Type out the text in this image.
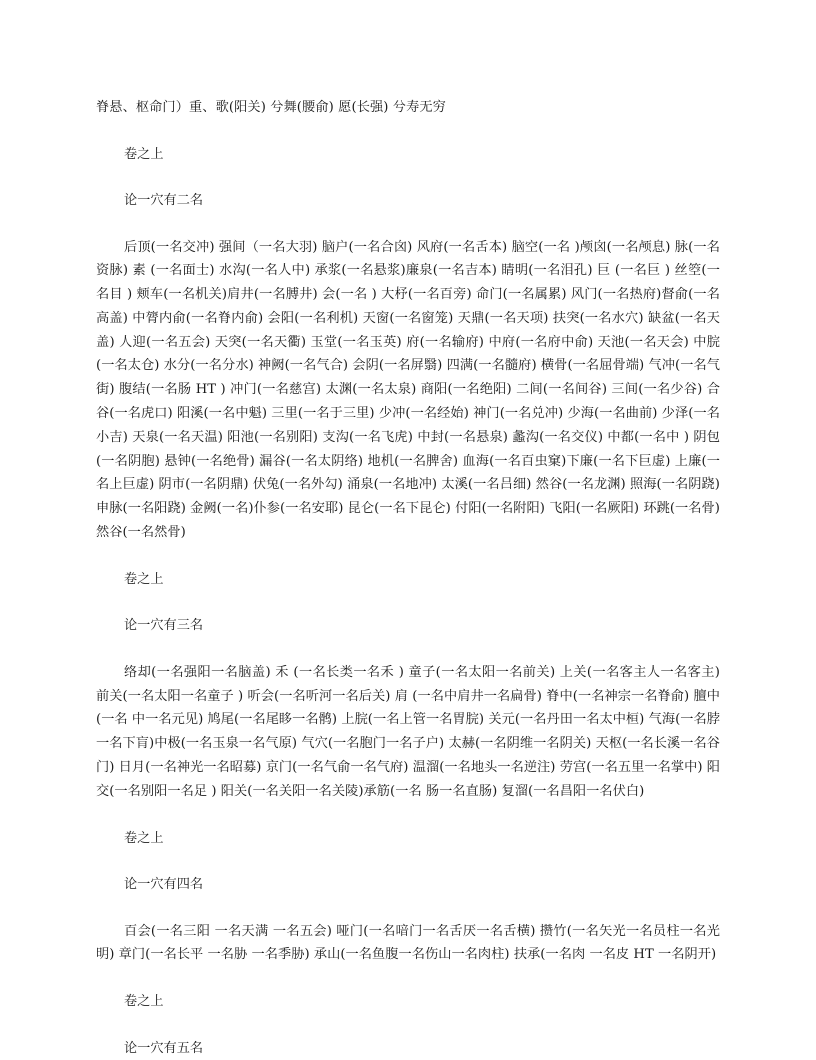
脊悬、枢命门）重、歌(阳关) 兮舞(腰俞) 愿(长强) 兮寿无穷

卷之上

论一穴有二名

后顶(一名交冲) 强间（一名大羽) 脑户(一名合囟) 风府(一名舌本) 脑空(一名 )颅囟(一名颅息) 脉(一名资脉) 素 (一名面士) 水沟(一名人中) 承浆(一名悬浆)廉泉(一名吉本) 睛明(一名泪孔) 巨 (一名巨 ) 丝箜(一名目 ) 颊车(一名机关)肩井(一名膊井) 会(一名 ) 大杼(一名百旁) 命门(一名属累) 风门(一名热府)督俞(一名高盖) 中膂内俞(一名脊内俞) 会阳(一名利机) 天窗(一名窗笼) 天鼎(一名天项) 扶突(一名水穴) 缺盆(一名天盖) 人迎(一名五会) 天突(一名天衢) 玉堂(一名玉英) 府(一名输府) 中府(一名府中俞) 天池(一名天会) 中脘(一名太仓) 水分(一名分水) 神阙(一名气合) 会阴(一名屏翳) 四满(一名髓府) 横骨(一名屈骨端) 气冲(一名气街) 腹结(一名肠 HT ) 冲门(一名慈宫) 太渊(一名太泉) 商阳(一名绝阳) 二间(一名间谷) 三间(一名少谷) 合谷(一名虎口) 阳溪(一名中魁) 三里(一名于三里) 少冲(一名经始) 神门(一名兑冲) 少海(一名曲前) 少泽(一名小吉) 天泉(一名天温) 阳池(一名别阳) 支沟(一名飞虎) 中封(一名悬泉) 蠡沟(一名交仪) 中都(一名中 ) 阴包(一名阴胞) 悬钟(一名绝骨) 漏谷(一名太阴络) 地机(一名脾舍) 血海(一名百虫窠)下廉(一名下巨虚) 上廉(一名上巨虚) 阴市(一名阴鼎) 伏兔(一名外勾) 涌泉(一名地冲) 太溪(一名吕细) 然谷(一名龙渊) 照海(一名阴跷) 申脉(一名阳跷) 金阙(一名)仆参(一名安耶) 昆仑(一名下昆仑) 付阳(一名附阳) 飞阳(一名厥阳) 环跳(一名骨) 然谷(一名然骨)

卷之上

论一穴有三名

络却(一名强阳一名脑盖) 禾 (一名长类一名禾 ) 童子(一名太阳一名前关) 上关(一名客主人一名客主) 前关(一名太阳一名童子 ) 听会(一名听河一名后关) 肩 (一名中肩井一名扁骨) 脊中(一名神宗一名脊俞) 膻中(一名 中一名元见) 鸠尾(一名尾眵一名鹘) 上脘(一名上管一名胃脘) 关元(一名丹田一名太中桓) 气海(一名脖 一名下肓)中极(一名玉泉一名气原) 气穴(一名胞门一名子户) 太赫(一名阴维一名阴关) 天枢(一名长溪一名谷门) 日月(一名神光一名昭募) 京门(一名气俞一名气府) 温溜(一名地头一名逆注) 劳宫(一名五里一名掌中) 阳交(一名别阳一名足 ) 阳关(一名关阳一名关陵)承筋(一名 肠一名直肠) 复溜(一名昌阳一名伏白)

卷之上

论一穴有四名

百会(一名三阳 一名天满 一名五会) 哑门(一名喑门一名舌厌一名舌横) 攒竹(一名矢光一名员柱一名光明) 章门(一名长平 一名胁 一名季胁) 承山(一名鱼腹一名伤山一名肉柱) 扶承(一名肉 一名皮 HT 一名阴开)

卷之上

论一穴有五名
